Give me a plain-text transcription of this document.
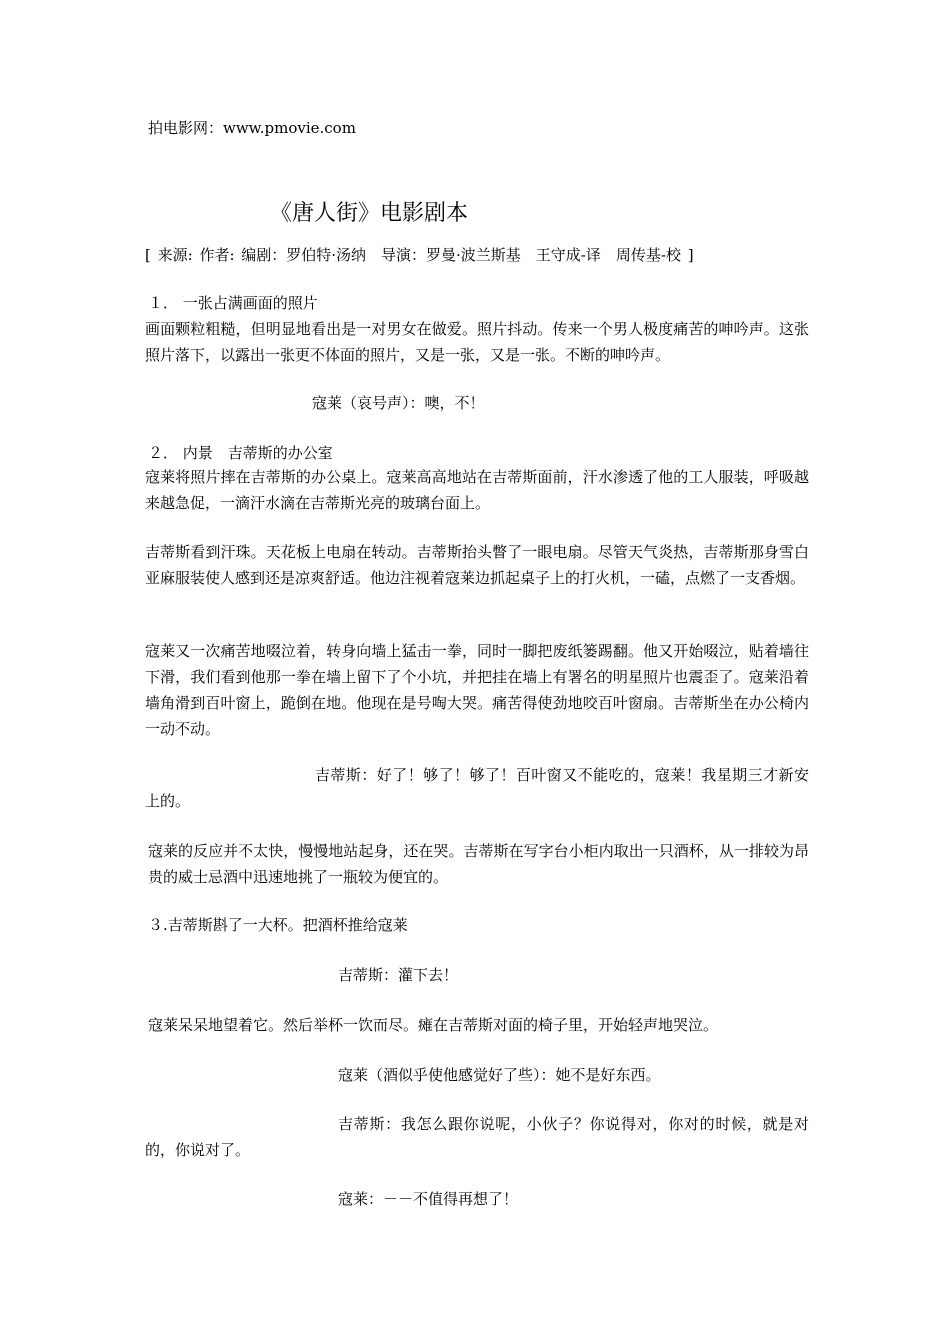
拍电影网：www.pmovie.com
《唐人街》电影剧本
[ 来源: 作者: 编剧：罗伯特·汤纳　导演：罗曼·波兰斯基　王守成-译　周传基-校 ]
１． 一张占满画面的照片
画面颗粒粗糙，但明显地看出是一对男女在做爱。照片抖动。传来一个男人极度痛苦的呻吟声。这张照片落下，以露出一张更不体面的照片，又是一张，又是一张。不断的呻吟声。
寇莱（哀号声）：噢，不！
２． 内景　吉蒂斯的办公室
寇莱将照片摔在吉蒂斯的办公桌上。寇莱高高地站在吉蒂斯面前，汗水渗透了他的工人服装，呼吸越来越急促，一滴汗水滴在吉蒂斯光亮的玻璃台面上。
吉蒂斯看到汗珠。天花板上电扇在转动。吉蒂斯抬头瞥了一眼电扇。尽管天气炎热，吉蒂斯那身雪白亚麻服装使人感到还是凉爽舒适。他边注视着寇莱边抓起桌子上的打火机，一磕，点燃了一支香烟。
寇莱又一次痛苦地啜泣着，转身向墙上猛击一拳，同时一脚把废纸篓踢翻。他又开始啜泣，贴着墙往下滑，我们看到他那一拳在墙上留下了个小坑，并把挂在墙上有署名的明星照片也震歪了。寇莱沿着墙角滑到百叶窗上，跪倒在地。他现在是号啕大哭。痛苦得使劲地咬百叶窗扇。吉蒂斯坐在办公椅内一动不动。
吉蒂斯：好了！够了！够了！百叶窗又不能吃的，寇莱！我星期三才新安上的。
寇莱的反应并不太快，慢慢地站起身，还在哭。吉蒂斯在写字台小柜内取出一只酒杯，从一排较为昂贵的威士忌酒中迅速地挑了一瓶较为便宜的。
３.吉蒂斯斟了一大杯。把酒杯推给寇莱
吉蒂斯：灌下去！
寇莱呆呆地望着它。然后举杯一饮而尽。瘫在吉蒂斯对面的椅子里，开始轻声地哭泣。
寇莱（酒似乎使他感觉好了些）：她不是好东西。
吉蒂斯：我怎么跟你说呢，小伙子？你说得对，你对的时候，就是对的，你说对了。
寇莱：－－不值得再想了！
